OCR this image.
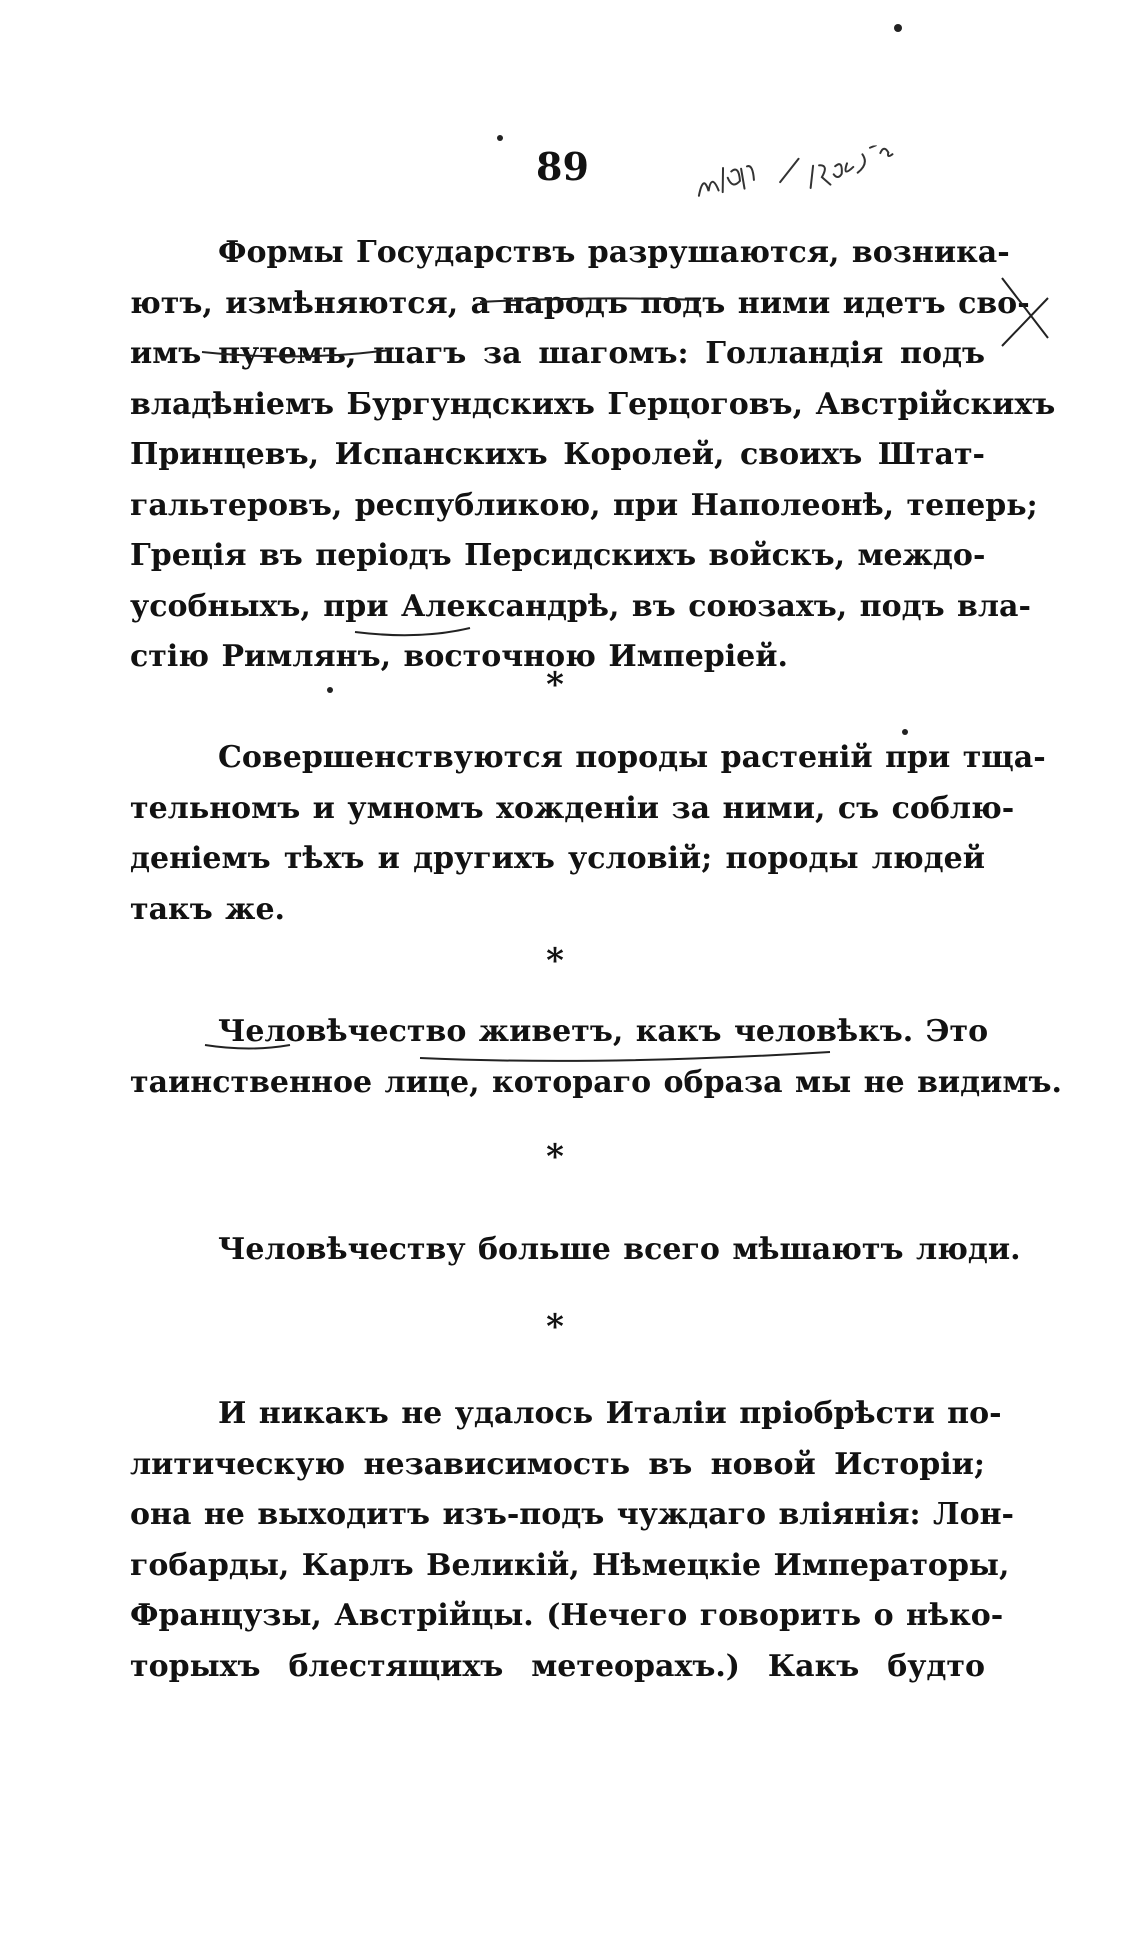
89
Формы Государствъ разрушаются, возника-
ютъ, измѣняются, а народъ подъ ними идетъ сво-
имъ путемъ, шагъ за шагомъ: Голландія подъ
владѣніемъ Бургундскихъ Герцоговъ, Австрійскихъ
Принцевъ, Испанскихъ Королей, своихъ Штат-
гальтеровъ, республикою, при Наполеонѣ, теперь;
Греція въ періодъ Персидскихъ войскъ, междо-
усобныхъ, при Александрѣ, въ союзахъ, подъ вла-
стію Римлянъ, восточною Имперіей.
*
Совершенствуются породы растеній при тща-
тельномъ и умномъ хожденіи за ними, съ соблю-
деніемъ тѣхъ и другихъ условій; породы людей
такъ же.
*
Человѣчество живетъ, какъ человѣкъ. Это
таинственное лице, котораго образа мы не видимъ.
*
Человѣчеству больше всего мѣшаютъ люди.
*
И никакъ не удалось Италіи пріобрѣсти по-
литическую независимость въ новой Исторіи;
она не выходитъ изъ-подъ чуждаго вліянія: Лон-
гобарды, Карлъ Великій, Нѣмецкіе Императоры,
Французы, Австрійцы. (Нечего говорить о нѣко-
торыхъ блестящихъ метеорахъ.) Какъ будто
